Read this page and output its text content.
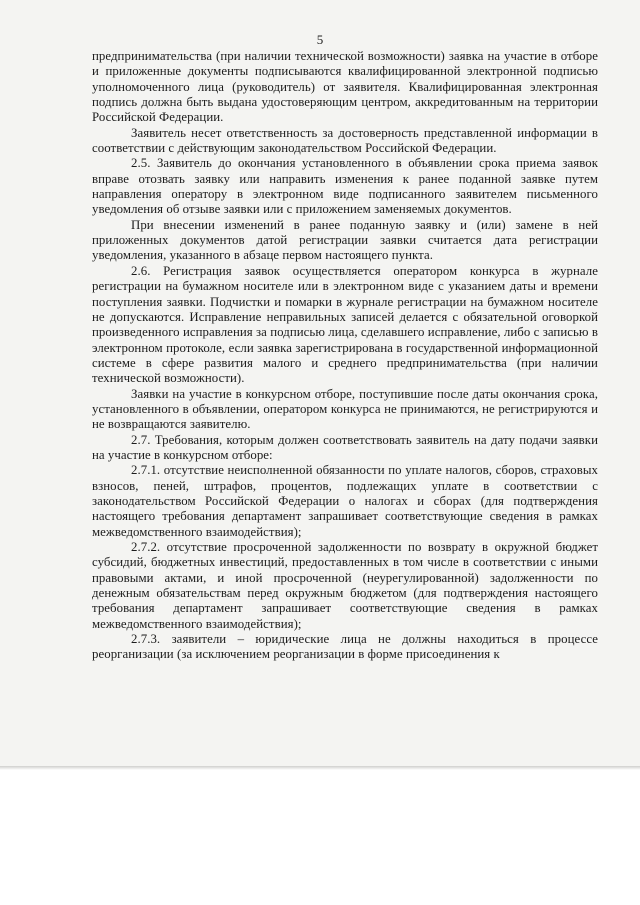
5

предпринимательства (при наличии технической возможности) заявка на участие в отборе и приложенные документы подписываются квалифицированной электронной подписью уполномоченного лица (руководитель) от заявителя. Квалифицированная электронная подпись должна быть выдана удостоверяющим центром, аккредитованным на территории Российской Федерации.

Заявитель несет ответственность за достоверность представленной информации в соответствии с действующим законодательством Российской Федерации.

2.5. Заявитель до окончания установленного в объявлении срока приема заявок вправе отозвать заявку или направить изменения к ранее поданной заявке путем направления оператору в электронном виде подписанного заявителем письменного уведомления об отзыве заявки или с приложением заменяемых документов.

При внесении изменений в ранее поданную заявку и (или) замене в ней приложенных документов датой регистрации заявки считается дата регистрации уведомления, указанного в абзаце первом настоящего пункта.

2.6. Регистрация заявок осуществляется оператором конкурса в журнале регистрации на бумажном носителе или в электронном виде с указанием даты и времени поступления заявки. Подчистки и помарки в журнале регистрации на бумажном носителе не допускаются. Исправление неправильных записей делается с обязательной оговоркой произведенного исправления за подписью лица, сделавшего исправление, либо с записью в электронном протоколе, если заявка зарегистрирована в государственной информационной системе в сфере развития малого и среднего предпринимательства (при наличии технической возможности).

Заявки на участие в конкурсном отборе, поступившие после даты окончания срока, установленного в объявлении, оператором конкурса не принимаются, не регистрируются и не возвращаются заявителю.

2.7. Требования, которым должен соответствовать заявитель на дату подачи заявки на участие в конкурсном отборе:

2.7.1. отсутствие неисполненной обязанности по уплате налогов, сборов, страховых взносов, пеней, штрафов, процентов, подлежащих уплате в соответствии с законодательством Российской Федерации о налогах и сборах (для подтверждения настоящего требования департамент запрашивает соответствующие сведения в рамках межведомственного взаимодействия);

2.7.2. отсутствие просроченной задолженности по возврату в окружной бюджет субсидий, бюджетных инвестиций, предоставленных в том числе в соответствии с иными правовыми актами, и иной просроченной (неурегулированной) задолженности по денежным обязательствам перед окружным бюджетом (для подтверждения настоящего требования департамент запрашивает соответствующие сведения в рамках межведомственного взаимодействия);

2.7.3. заявители – юридические лица не должны находиться в процессе реорганизации (за исключением реорганизации в форме присоединения к
